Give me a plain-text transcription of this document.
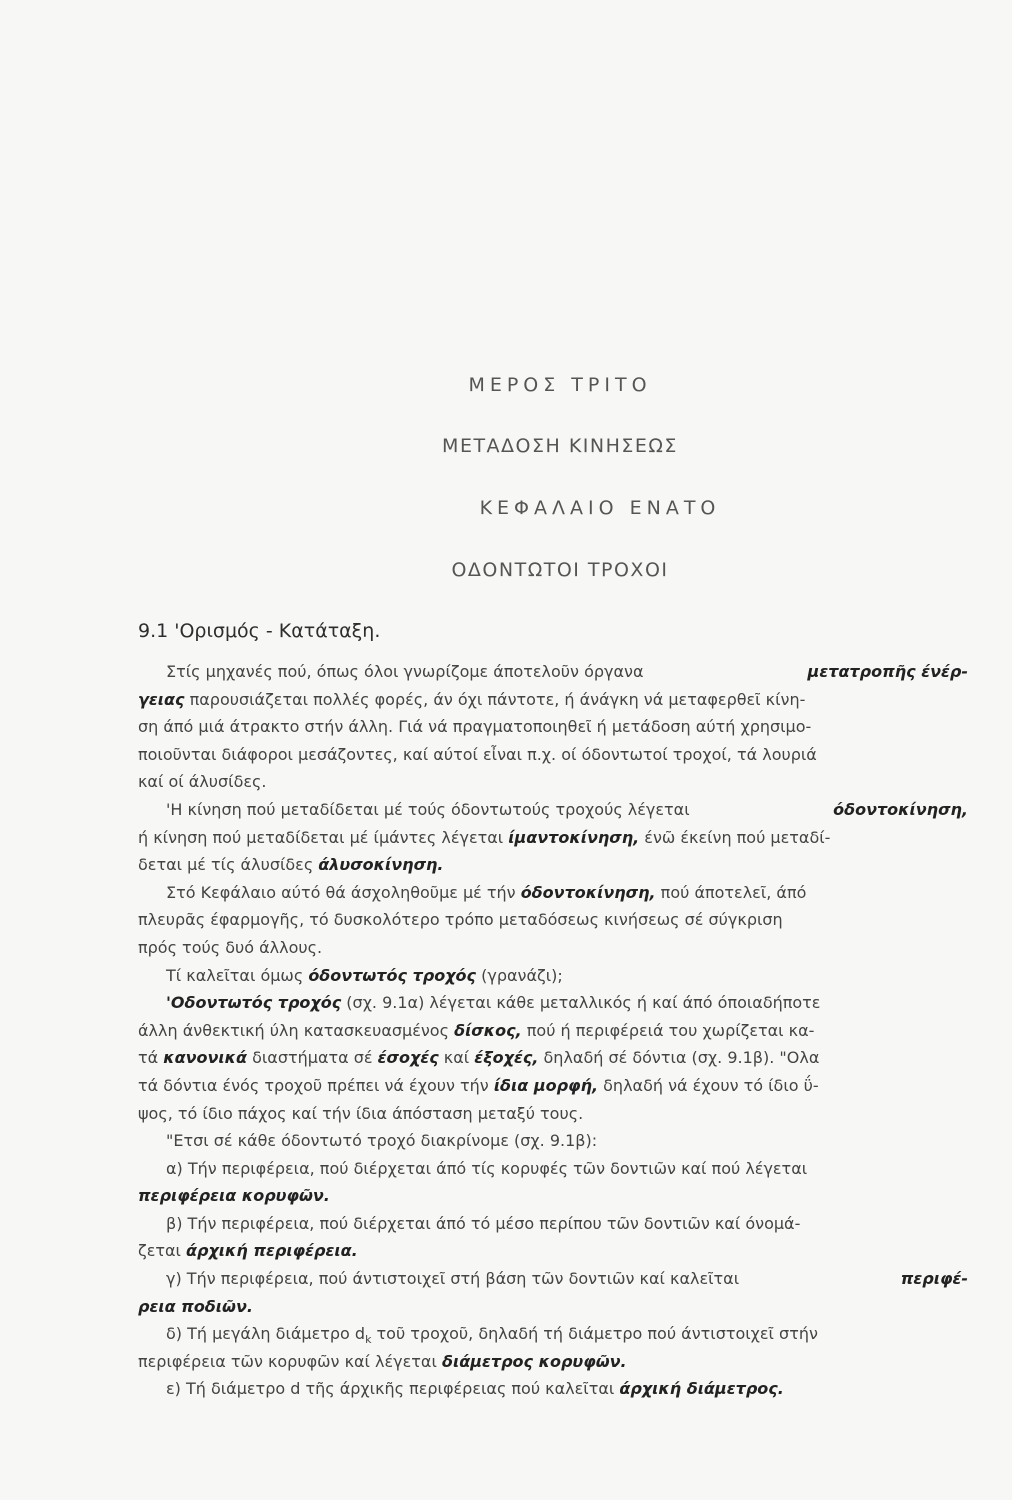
ΜΕΡΟΣ ΤΡΙΤΟ
ΜΕΤΑΔΟΣΗ ΚΙΝΗΣΕΩΣ
ΚΕΦΑΛΑΙΟ ΕΝΑΤΟ
ΟΔΟΝΤΩΤΟΙ ΤΡΟΧΟΙ
9.1 'Ορισμός - Κατάταξη.
Στίς μηχανές πού, όπως όλοι γνωρίζομε άποτελοῦν όργανα	μετατροπῆς ένέρ-
γειας παρουσιάζεται πολλές φορές, άν όχι πάντοτε, ή άνάγκη νά μεταφερθεῖ κίνη-
ση άπό μιά άτρακτο στήν άλλη. Γιά νά πραγματοποιηθεῖ ή μετάδοση αύτή χρησιμο-
ποιοῦνται διάφοροι μεσάζοντες, καί αύτοί εἶναι π.χ. οί όδοντωτοί τροχοί, τά λουριά
καί οί άλυσίδες.
'Η κίνηση πού μεταδίδεται μέ τούς όδοντωτούς τροχούς λέγεται	όδοντοκίνηση,
ή κίνηση πού μεταδίδεται μέ ίμάντες λέγεται ίμαντοκίνηση, ένῶ έκείνη πού μεταδί-
δεται μέ τίς άλυσίδες άλυσοκίνηση.
Στό Κεφάλαιο αύτό θά άσχοληθοῦμε μέ τήν όδοντοκίνηση, πού άποτελεῖ, άπό
πλευρᾶς έφαρμογῆς, τό δυσκολότερο τρόπο μεταδόσεως κινήσεως σέ σύγκριση
πρός τούς δυό άλλους.
Τί καλεῖται όμως όδοντωτός τροχός (γρανάζι);
'Οδοντωτός τροχός (σχ. 9.1α) λέγεται κάθε μεταλλικός ή καί άπό όποιαδήποτε
άλλη άνθεκτική ύλη κατασκευασμένος δίσκος, πού ή περιφέρειά του χωρίζεται κα-
τά κανονικά διαστήματα σέ έσοχές καί έξοχές, δηλαδή σέ δόντια (σχ. 9.1β). "Ολα
τά δόντια ένός τροχοῦ πρέπει νά έχουν τήν ίδια μορφή, δηλαδή νά έχουν τό ίδιο ΰ-
ψος, τό ίδιο πάχος καί τήν ίδια άπόσταση μεταξύ τους.
"Ετσι σέ κάθε όδοντωτό τροχό διακρίνομε (σχ. 9.1β):
α) Τήν περιφέρεια, πού διέρχεται άπό τίς κορυφές τῶν δοντιῶν καί πού λέγεται
περιφέρεια κορυφῶν.
β) Τήν περιφέρεια, πού διέρχεται άπό τό μέσο περίπου τῶν δοντιῶν καί όνομά-
ζεται άρχική περιφέρεια.
γ) Τήν περιφέρεια, πού άντιστοιχεῖ στή βάση τῶν δοντιῶν καί καλεῖται	περιφέ-
ρεια ποδιῶν.
δ) Τή μεγάλη διάμετρο $d_k$ τοῦ τροχοῦ, δηλαδή τή διάμετρο πού άντιστοιχεῖ στήν
περιφέρεια τῶν κορυφῶν καί λέγεται διάμετρος κορυφῶν.
ε) Τή διάμετρο d τῆς άρχικῆς περιφέρειας πού καλεῖται άρχική διάμετρος.
